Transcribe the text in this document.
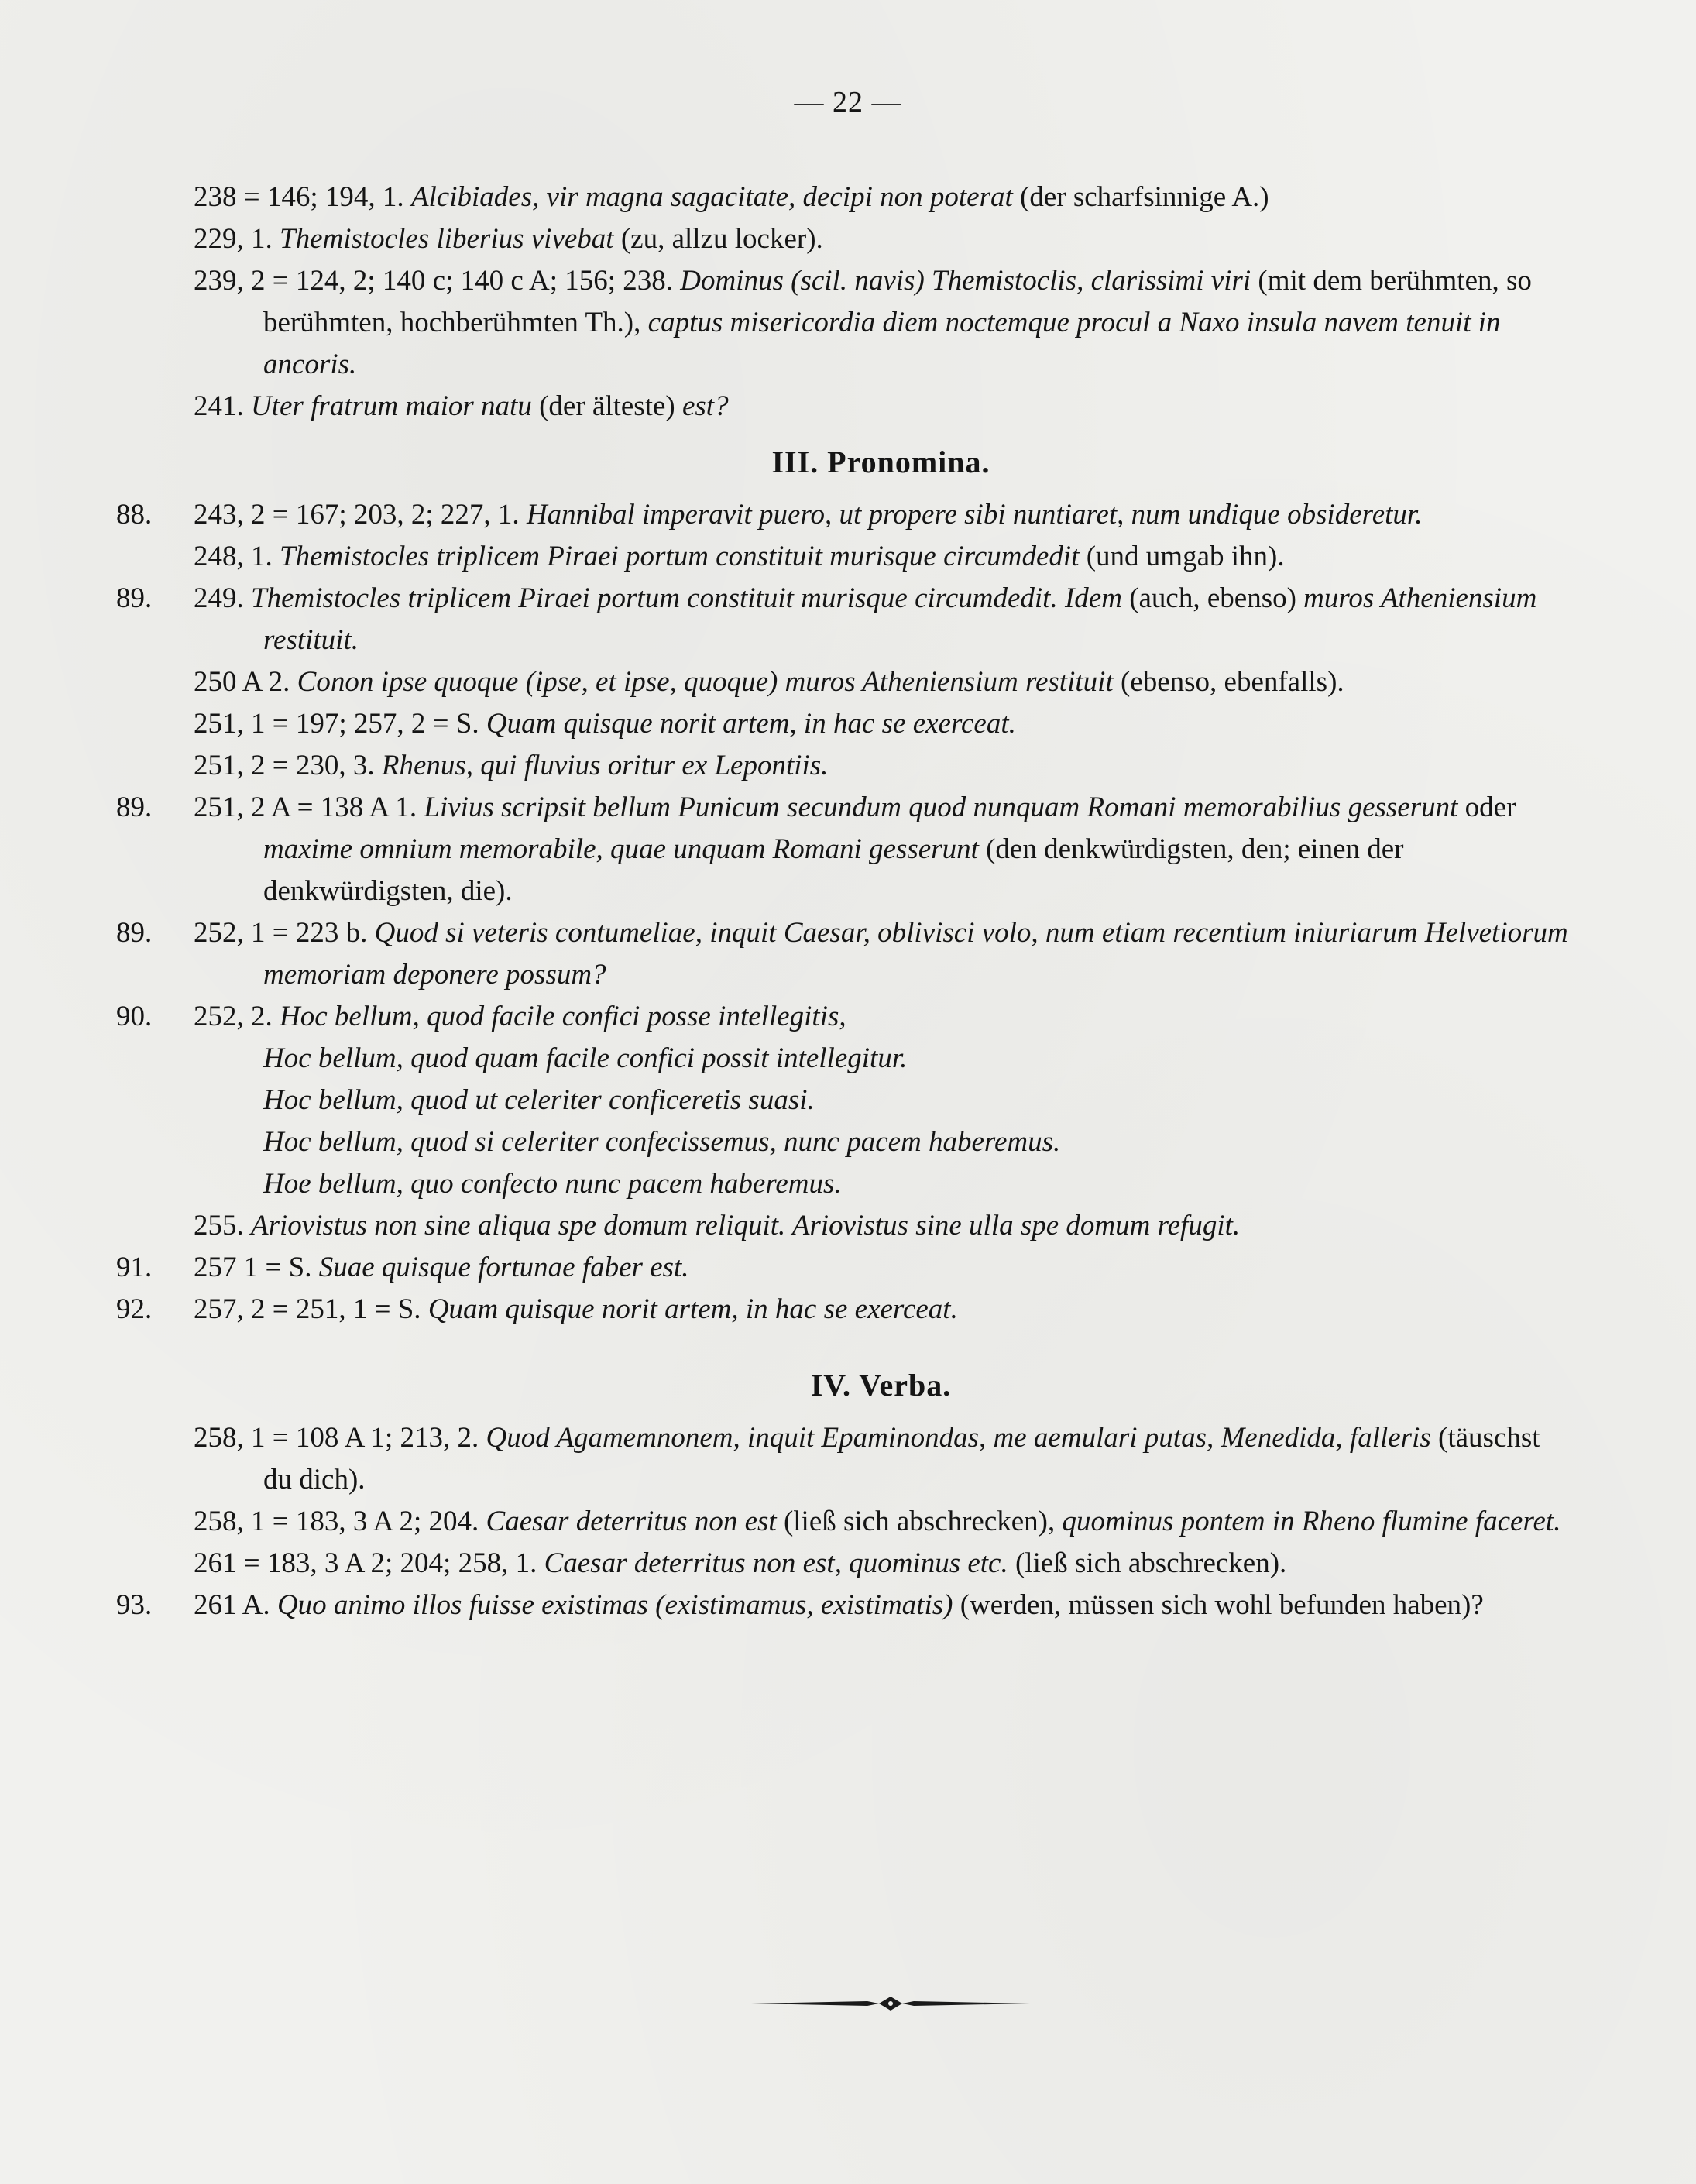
— 22 —
238 = 146; 194, 1. Alcibiades, vir magna sagacitate, decipi non poterat (der scharfsinnige A.)
229, 1. Themistocles liberius vivebat (zu, allzu locker).
239, 2 = 124, 2; 140 c; 140 c A; 156; 238. Dominus (scil. navis) Themistoclis, clarissimi viri (mit dem berühmten, so berühmten, hochberühmten Th.), captus misericordia diem noctemque procul a Naxo insula navem tenuit in ancoris.
241. Uter fratrum maior natu (der älteste) est?
III. Pronomina.
88.	243, 2 = 167; 203, 2; 227, 1. Hannibal imperavit puero, ut propere sibi nuntiaret, num undique obsideretur.
248, 1. Themistocles triplicem Piraei portum constituit murisque circumdedit (und umgab ihn).
89.	249. Themistocles triplicem Piraei portum constituit murisque circumdedit. Idem (auch, ebenso) muros Atheniensium restituit.
250 A 2. Conon ipse quoque (ipse, et ipse, quoque) muros Atheniensium restituit (ebenso, ebenfalls).
251, 1 = 197; 257, 2 = S. Quam quisque norit artem, in hac se exerceat.
251, 2 = 230, 3. Rhenus, qui fluvius oritur ex Lepontiis.
89.	251, 2 A = 138 A 1. Livius scripsit bellum Punicum secundum quod nunquam Romani memorabilius gesserunt oder maxime omnium memorabile, quae unquam Romani gesserunt (den denkwürdigsten, den; einen der denkwürdigsten, die).
89.	252, 1 = 223 b. Quod si veteris contumeliae, inquit Caesar, oblivisci volo, num etiam recentium iniuriarum Helvetiorum memoriam deponere possum?
90.	252, 2. Hoc bellum, quod facile confici posse intellegitis,
Hoc bellum, quod quam facile confici possit intellegitur.
Hoc bellum, quod ut celeriter conficeretis suasi.
Hoc bellum, quod si celeriter confecissemus, nunc pacem haberemus.
Hoe bellum, quo confecto nunc pacem haberemus.
255. Ariovistus non sine aliqua spe domum reliquit. Ariovistus sine ulla spe domum refugit.
91.	257 1 = S. Suae quisque fortunae faber est.
92.	257, 2 = 251, 1 = S. Quam quisque norit artem, in hac se exerceat.
IV. Verba.
258, 1 = 108 A 1; 213, 2. Quod Agamemnonem, inquit Epaminondas, me aemulari putas, Menedida, falleris (täuschst du dich).
258, 1 = 183, 3 A 2; 204. Caesar deterritus non est (ließ sich abschrecken), quominus pontem in Rheno flumine faceret.
261 = 183, 3 A 2; 204; 258, 1. Caesar deterritus non est, quominus etc. (ließ sich abschrecken).
93.	261 A. Quo animo illos fuisse existimas (existimamus, existimatis) (werden, müssen sich wohl befunden haben)?
